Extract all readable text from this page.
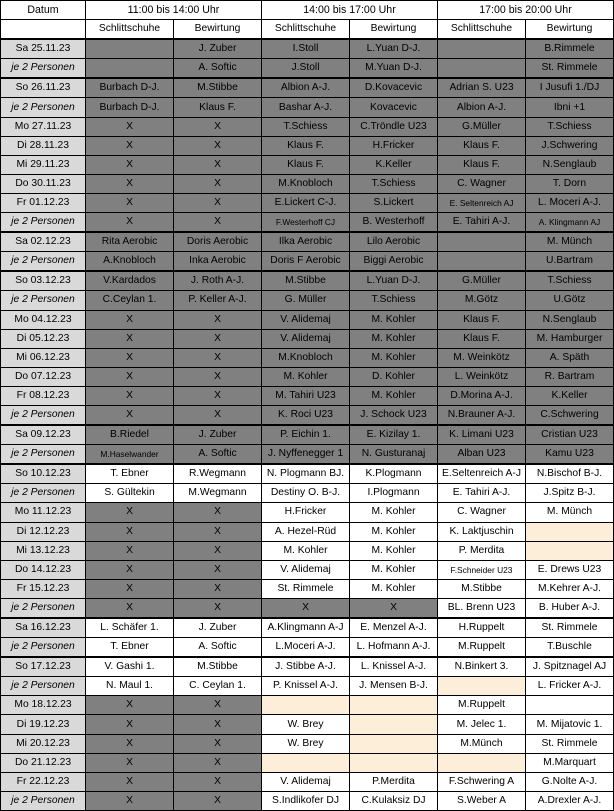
Datum	11:00 bis 14:00 Uhr		14:00 bis 17:00 Uhr		17:00 bis 20:00 Uhr	
	Schlittschuhe	Bewirtung	Schlittschuhe	Bewirtung	Schlittschuhe	Bewirtung
Sa 25.11.23		J. Zuber	I.Stoll	L.Yuan D-J.		B.Rimmele
je 2 Personen		A. Softic	J.Stoll	M.Yuan D-J.		St. Rimmele
So 26.11.23	Burbach D-J.	M.Stibbe	Albion A-J.	D.Kovacevic	Adrian S. U23	I Jusufi 1./DJ
je 2 Personen	Burbach D-J.	Klaus F.	Bashar A-J.	Kovacevic	Albion A-J.	Ibni +1
Mo 27.11.23	X	X	T.Schiess	C.Tröndle U23	G.Müller	T.Schiess
Di 28.11.23	X	X	Klaus F.	H.Fricker	Klaus F.	J.Schwering
Mi 29.11.23	X	X	Klaus F.	K.Keller	Klaus F.	N.Senglaub
Do 30.11.23	X	X	M.Knobloch	T.Schiess	C. Wagner	T. Dorn
Fr 01.12.23	X	X	E.Lickert C-J.	S.Lickert	E. Seltenreich AJ	L. Moceri A-J.
je 2 Personen	X	X	F.Westerhoff CJ	B. Westerhoff	E. Tahiri A-J.	A. Klingmann AJ
Sa 02.12.23	Rita Aerobic	Doris Aerobic	Ilka Aerobic	Lilo Aerobic		M. Münch
je 2 Personen	A.Knobloch	Inka Aerobic	Doris F Aerobic	Biggi Aerobic		U.Bartram
So 03.12.23	V.Kardados	J. Roth A-J.	M.Stibbe	L.Yuan D-J.	G.Müller	T.Schiess
je 2 Personen	C.Ceylan 1.	P. Keller A-J.	G. Müller	T.Schiess	M.Götz	U.Götz
Mo 04.12.23	X	X	V. Alidemaj	M. Kohler	Klaus F.	N.Senglaub
Di 05.12.23	X	X	V. Alidemaj	M. Kohler	Klaus F.	M. Hamburger
Mi 06.12.23	X	X	M.Knobloch	M. Kohler	M. Weinkötz	A. Späth
Do 07.12.23	X	X	M. Kohler	D. Kohler	L. Weinkötz	R. Bartram
Fr 08.12.23	X	X	M. Tahiri U23	M. Kohler	D.Morina A-J.	K.Keller
je 2 Personen	X	X	K. Roci U23	J. Schock U23	N.Brauner A-J.	C.Schwering
Sa 09.12.23	B.Riedel	J. Zuber	P. Eichin 1.	E. Kizilay 1.	K. Limani U23	Cristian U23
je 2 Personen	M.Haselwander	A. Softic	J. Nyffenegger 1	N. Gusturanaj	Alban U23	Kamu U23
So 10.12.23	T. Ebner	R.Wegmann	N. Plogmann BJ.	K.Plogmann	E.Seltenreich A-J	N.Bischof B-J.
je 2 Personen	S. Gültekin	M.Wegmann	Destiny O. B-J.	I.Plogmann	E. Tahiri A-J.	J.Spitz B-J.
Mo 11.12.23	X	X	H.Fricker	M. Kohler	C. Wagner	M. Münch
Di 12.12.23	X	X	A. Hezel-Rüd	M. Kohler	K. Laktjuschin	
Mi 13.12.23	X	X	M. Kohler	M. Kohler	P. Merdita	
Do 14.12.23	X	X	V. Alidemaj	M. Kohler	F.Schneider U23	E. Drews U23
Fr 15.12.23	X	X	St. Rimmele	M. Kohler	M.Stibbe	M.Kehrer A-J.
je 2 Personen	X	X	X	X	BL. Brenn U23	B. Huber A-J.
Sa 16.12.23	L. Schäfer 1.	J. Zuber	A.Klingmann A-J	E. Menzel A-J.	H.Ruppelt	St. Rimmele
je 2 Personen	T. Ebner	A. Softic	L.Moceri A-J.	L. Hofmann A-J.	M.Ruppelt	T.Buschle
So 17.12.23	V. Gashi 1.	M.Stibbe	J. Stibbe A-J.	L. Knissel A-J.	N.Binkert 3.	J. Spitznagel AJ
je 2 Personen	N. Maul 1.	C. Ceylan 1.	P. Knissel A-J.	J. Mensen B-J.		L. Fricker A-J.
Mo 18.12.23	X	X			M.Ruppelt	
Di 19.12.23	X	X	W. Brey		M. Jelec 1.	M. Mijatovic 1.
Mi 20.12.23	X	X	W. Brey		M.Münch	St. Rimmele
Do 21.12.23	X	X				M.Marquart
Fr 22.12.23	X	X	V. Alidemaj	P.Merdita	F.Schwering A	G.Nolte A-J.
je 2 Personen	X	X	S.Indlikofer DJ	C.Kulaksiz DJ	S.Weber A	A.Drexler A-J.
